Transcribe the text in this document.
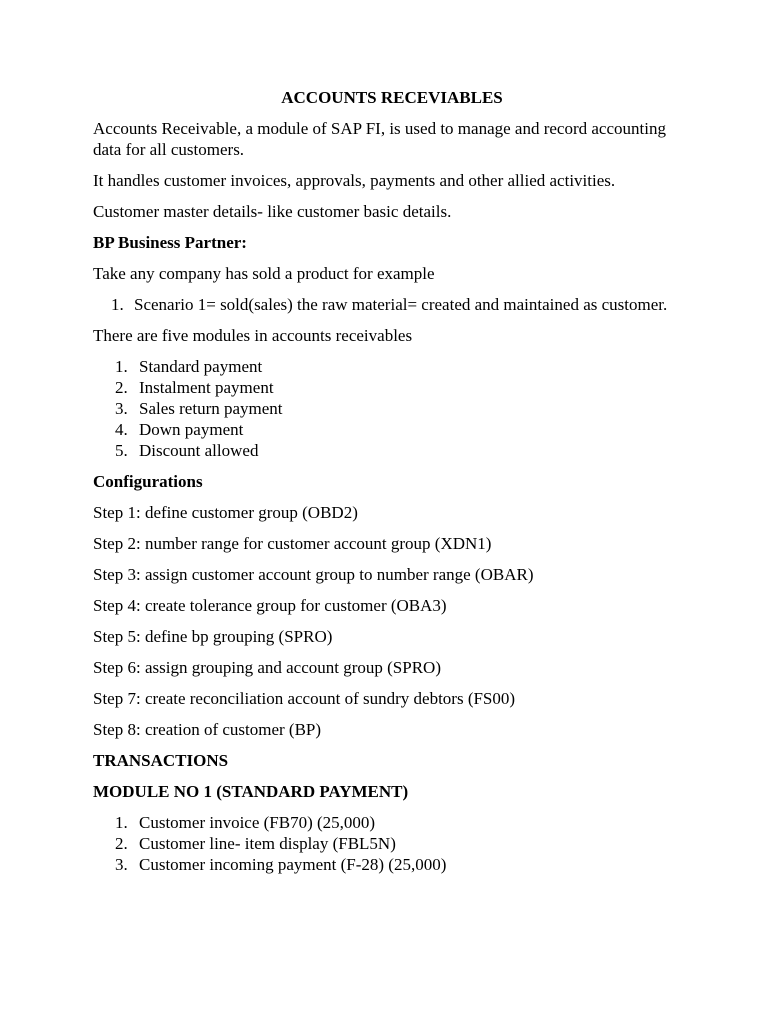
ACCOUNTS RECEVIABLES

Accounts Receivable, a module of SAP FI, is used to manage and record accounting data for all customers.

It handles customer invoices, approvals, payments and other allied activities.

Customer master details- like customer basic details.

BP Business Partner:

Take any company has sold a product for example

1. Scenario 1= sold(sales) the raw material= created and maintained as customer.

There are five modules in accounts receivables

1. Standard payment
2. Instalment payment
3. Sales return payment
4. Down payment
5. Discount allowed

Configurations

Step 1: define customer group (OBD2)

Step 2: number range for customer account group (XDN1)

Step 3: assign customer account group to number range (OBAR)

Step 4: create tolerance group for customer (OBA3)

Step 5: define bp grouping (SPRO)

Step 6: assign grouping and account group (SPRO)

Step 7: create reconciliation account of sundry debtors (FS00)

Step 8: creation of customer (BP)

TRANSACTIONS

MODULE NO 1 (STANDARD PAYMENT)

1. Customer invoice (FB70) (25,000)
2. Customer line- item display (FBL5N)
3. Customer incoming payment (F-28) (25,000)
